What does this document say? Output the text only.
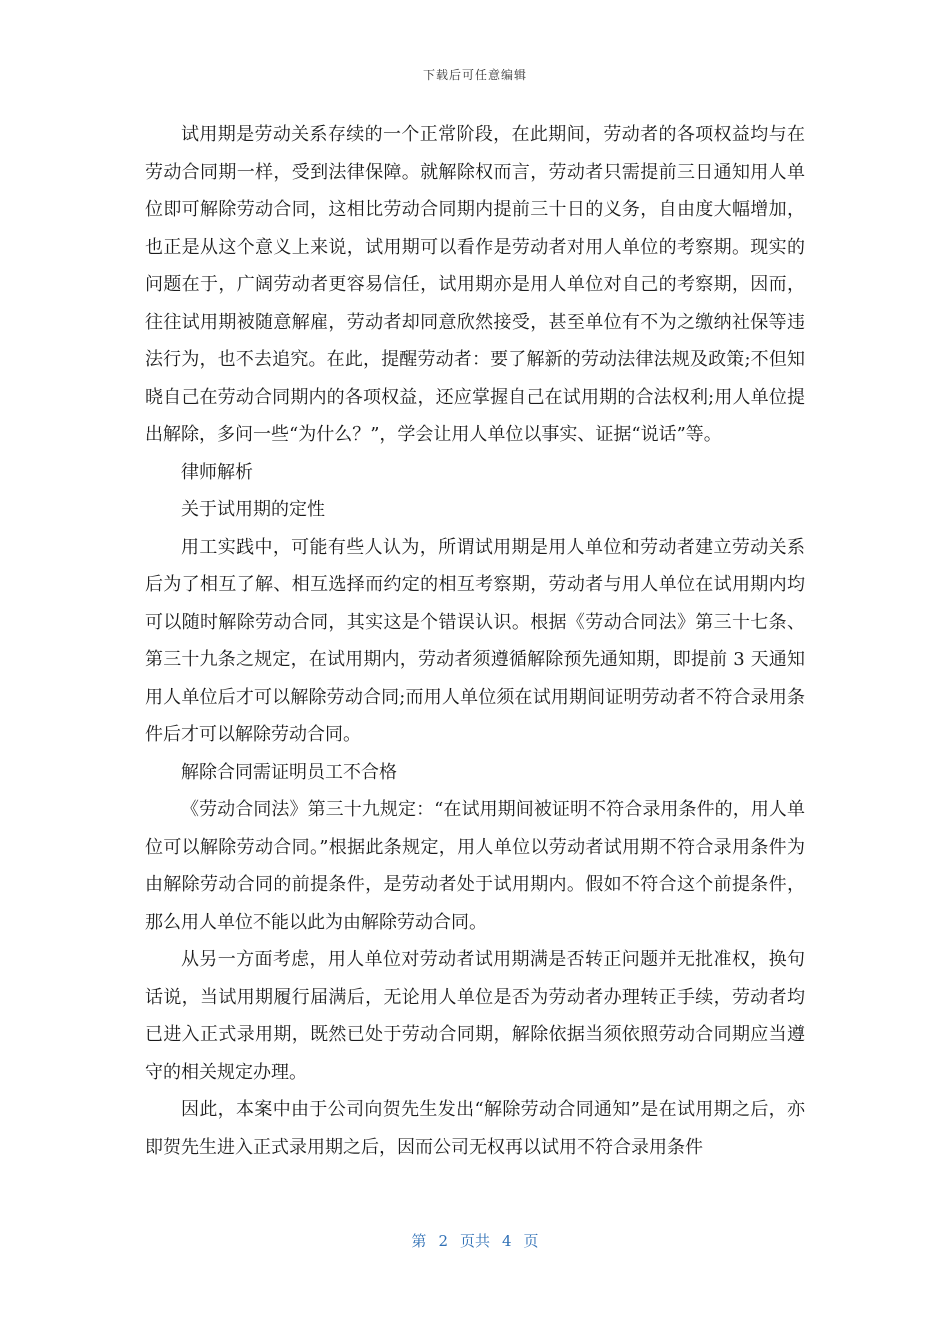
下载后可任意编辑

试用期是劳动关系存续的一个正常阶段，在此期间，劳动者的各项权益均与在劳动合同期一样，受到法律保障。就解除权而言，劳动者只需提前三日通知用人单位即可解除劳动合同，这相比劳动合同期内提前三十日的义务，自由度大幅增加，也正是从这个意义上来说，试用期可以看作是劳动者对用人单位的考察期。现实的问题在于，广阔劳动者更容易信任，试用期亦是用人单位对自己的考察期，因而，往往试用期被随意解雇，劳动者却同意欣然接受，甚至单位有不为之缴纳社保等违法行为，也不去追究。在此，提醒劳动者：要了解新的劳动法律法规及政策;不但知晓自己在劳动合同期内的各项权益，还应掌握自己在试用期的合法权利;用人单位提出解除，多问一些“为什么？”，学会让用人单位以事实、证据“说话”等。

律师解析

关于试用期的定性

用工实践中，可能有些人认为，所谓试用期是用人单位和劳动者建立劳动关系后为了相互了解、相互选择而约定的相互考察期，劳动者与用人单位在试用期内均可以随时解除劳动合同，其实这是个错误认识。根据《劳动合同法》第三十七条、第三十九条之规定，在试用期内，劳动者须遵循解除预先通知期，即提前 3 天通知用人单位后才可以解除劳动合同;而用人单位须在试用期间证明劳动者不符合录用条件后才可以解除劳动合同。

解除合同需证明员工不合格

《劳动合同法》第三十九规定：“在试用期间被证明不符合录用条件的，用人单位可以解除劳动合同。”根据此条规定，用人单位以劳动者试用期不符合录用条件为由解除劳动合同的前提条件，是劳动者处于试用期内。假如不符合这个前提条件，那么用人单位不能以此为由解除劳动合同。

从另一方面考虑，用人单位对劳动者试用期满是否转正问题并无批准权，换句话说，当试用期履行届满后，无论用人单位是否为劳动者办理转正手续，劳动者均已进入正式录用期，既然已处于劳动合同期，解除依据当须依照劳动合同期应当遵守的相关规定办理。

因此，本案中由于公司向贺先生发出“解除劳动合同通知”是在试用期之后，亦即贺先生进入正式录用期之后，因而公司无权再以试用不符合录用条件

第 2 页共 4 页
